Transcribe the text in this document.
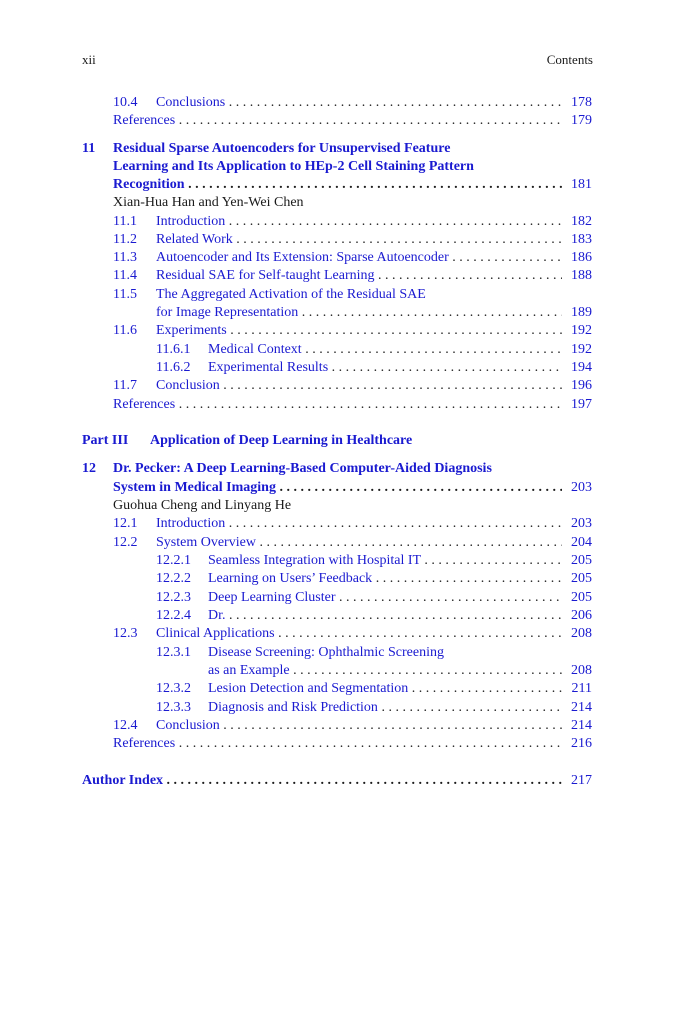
xii	Contents
10.4 Conclusions . . .	178
References . . .	179
11 Residual Sparse Autoencoders for Unsupervised Feature
Learning and Its Application to HEp-2 Cell Staining Pattern
Recognition . . .	181
Xian-Hua Han and Yen-Wei Chen
11.1 Introduction . . .	182
11.2 Related Work . . .	183
11.3 Autoencoder and Its Extension: Sparse Autoencoder . . .	186
11.4 Residual SAE for Self-taught Learning . . .	188
11.5 The Aggregated Activation of the Residual SAE
for Image Representation . . .	189
11.6 Experiments . . .	192
11.6.1 Medical Context . . .	192
11.6.2 Experimental Results . . .	194
11.7 Conclusion . . .	196
References . . .	197
Part III Application of Deep Learning in Healthcare
12 Dr. Pecker: A Deep Learning-Based Computer-Aided Diagnosis
System in Medical Imaging . . .	203
Guohua Cheng and Linyang He
12.1 Introduction . . .	203
12.2 System Overview . . .	204
12.2.1 Seamless Integration with Hospital IT . . .	205
12.2.2 Learning on Users’ Feedback . . .	205
12.2.3 Deep Learning Cluster . . .	205
12.2.4 Dr. . . .	206
12.3 Clinical Applications . . .	208
12.3.1 Disease Screening: Ophthalmic Screening
as an Example . . .	208
12.3.2 Lesion Detection and Segmentation . . .	211
12.3.3 Diagnosis and Risk Prediction . . .	214
12.4 Conclusion . . .	214
References . . .	216
Author Index . . .	217
